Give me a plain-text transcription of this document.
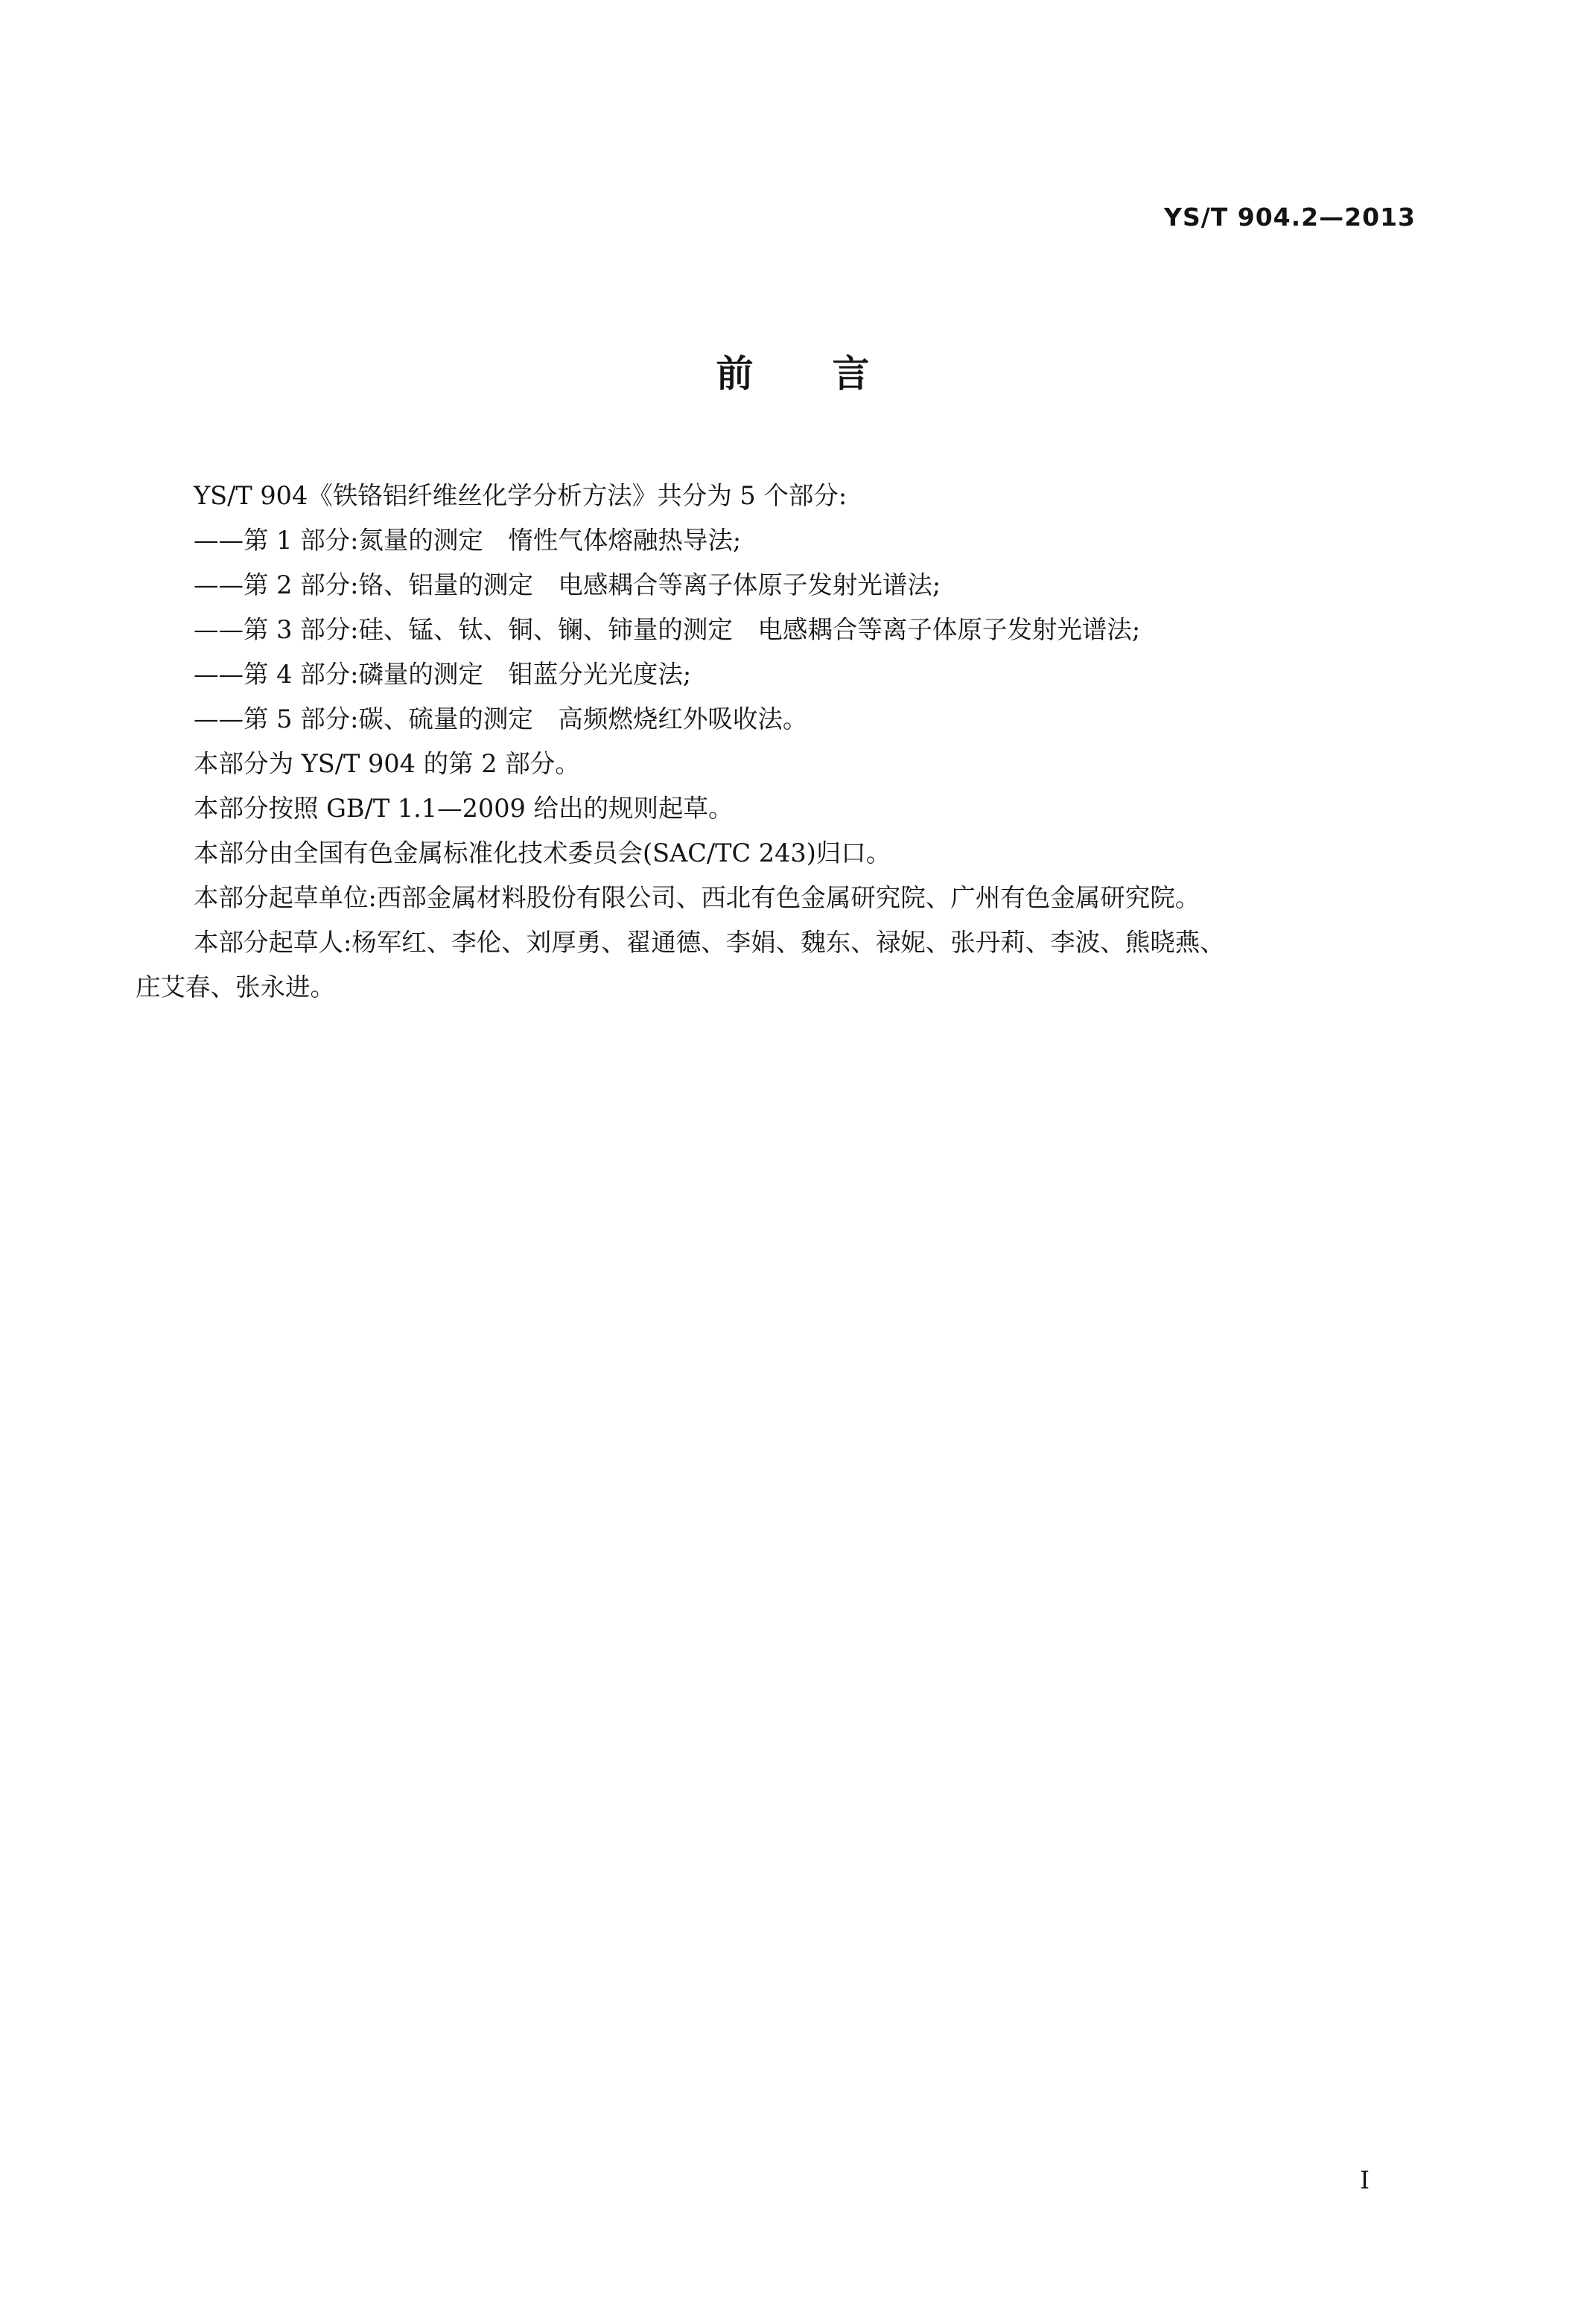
YS/T 904.2—2013
前　　言

YS/T 904《铁铬铝纤维丝化学分析方法》共分为 5 个部分:

——第 1 部分:氮量的测定　惰性气体熔融热导法;

——第 2 部分:铬、铝量的测定　电感耦合等离子体原子发射光谱法;

——第 3 部分:硅、锰、钛、铜、镧、铈量的测定　电感耦合等离子体原子发射光谱法;

——第 4 部分:磷量的测定　钼蓝分光光度法;

——第 5 部分:碳、硫量的测定　高频燃烧红外吸收法。

本部分为 YS/T 904 的第 2 部分。

本部分按照 GB/T 1.1—2009 给出的规则起草。

本部分由全国有色金属标准化技术委员会(SAC/TC 243)归口。

本部分起草单位:西部金属材料股份有限公司、西北有色金属研究院、广州有色金属研究院。

本部分起草人:杨军红、李伦、刘厚勇、翟通德、李娟、魏东、禄妮、张丹莉、李波、熊晓燕、

庄艾春、张永进。

I
